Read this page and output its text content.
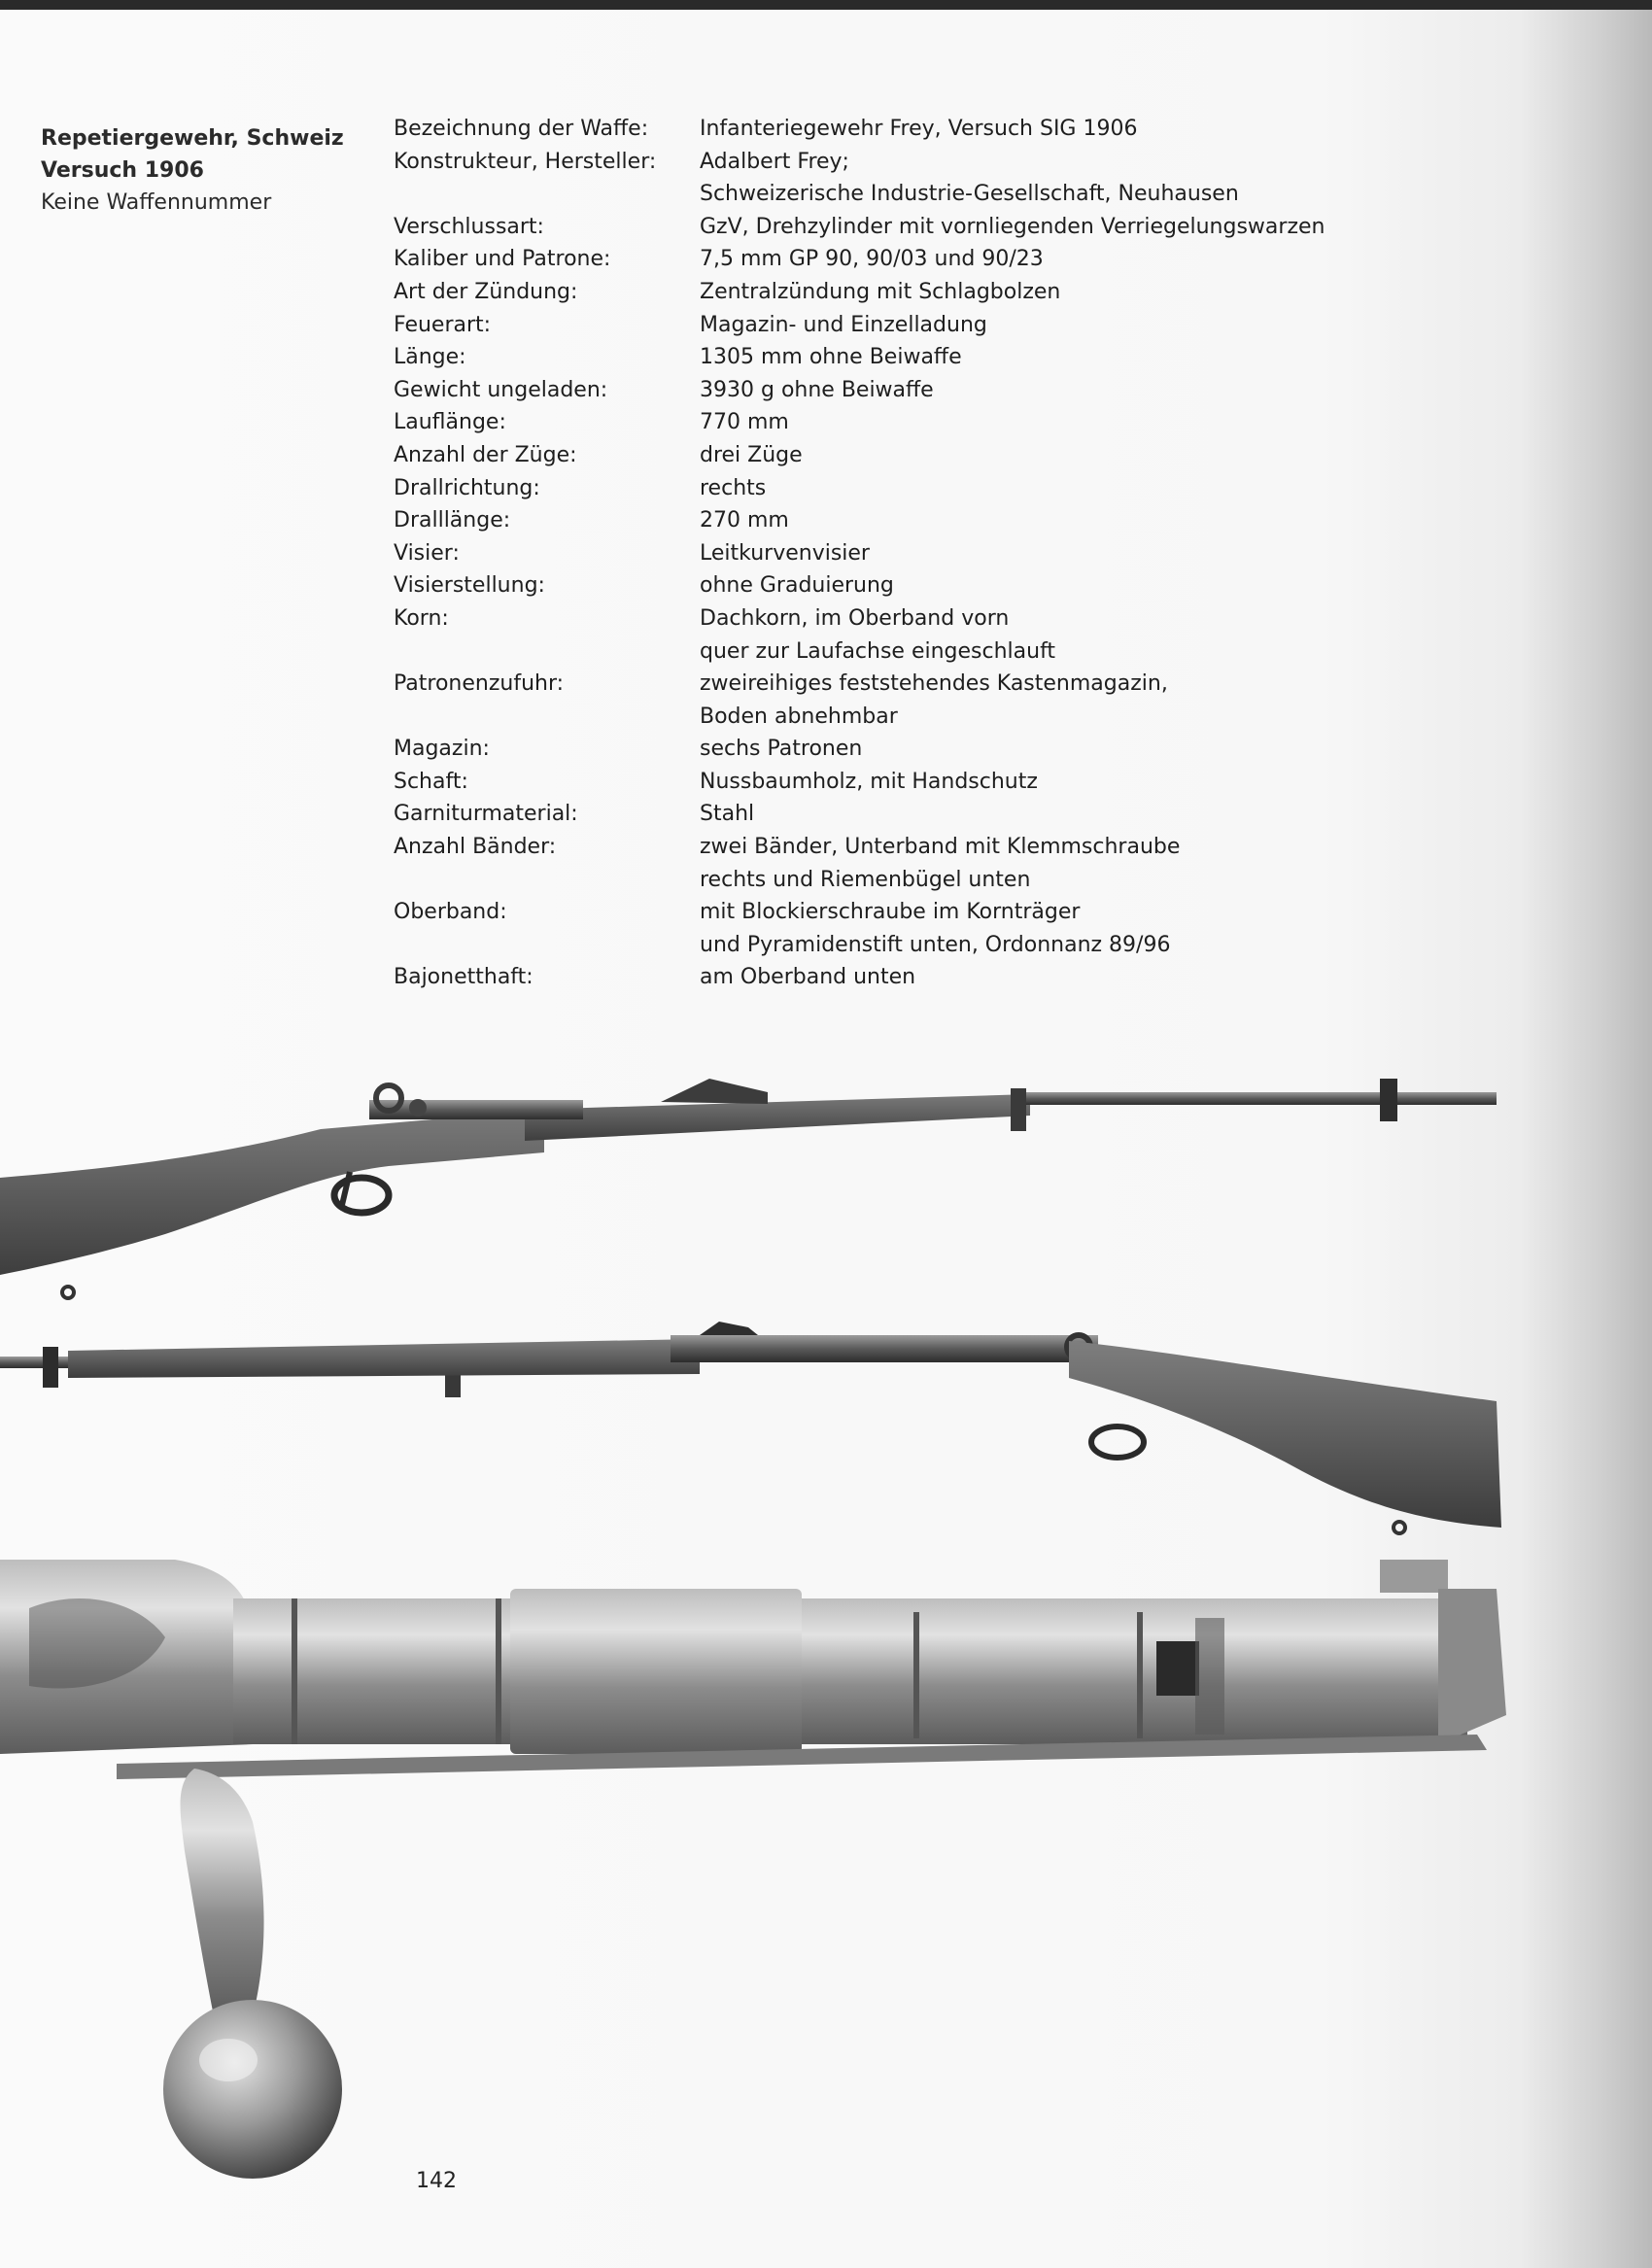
Repetiergewehr, Schweiz
Versuch 1906
Keine Waffennummer
Bezeichnung der Waffe:	Infanteriegewehr Frey, Versuch SIG 1906
Konstrukteur, Hersteller:	Adalbert Frey;
Schweizerische Industrie-Gesellschaft, Neuhausen
Verschlussart:	GzV, Drehzylinder mit vornliegenden Verriegelungswarzen
Kaliber und Patrone:	7,5 mm GP 90, 90/03 und 90/23
Art der Zündung:	Zentralzündung mit Schlagbolzen
Feuerart:	Magazin- und Einzelladung
Länge:	1305 mm ohne Beiwaffe
Gewicht ungeladen:	3930 g ohne Beiwaffe
Lauflänge:	770 mm
Anzahl der Züge:	drei Züge
Drallrichtung:	rechts
Dralllänge:	270 mm
Visier:	Leitkurvenvisier
Visierstellung:	ohne Graduierung
Korn:	Dachkorn, im Oberband vorn
quer zur Laufachse eingeschlauft
Patronenzufuhr:	zweireihiges feststehendes Kastenmagazin,
Boden abnehmbar
Magazin:	sechs Patronen
Schaft:	Nussbaumholz, mit Handschutz
Garniturmaterial:	Stahl
Anzahl Bänder:	zwei Bänder, Unterband mit Klemmschraube
rechts und Riemenbügel unten
Oberband:	mit Blockierschraube im Kornträger
und Pyramidenstift unten, Ordonnanz 89/96
Bajonetthaft:	am Oberband unten
142
